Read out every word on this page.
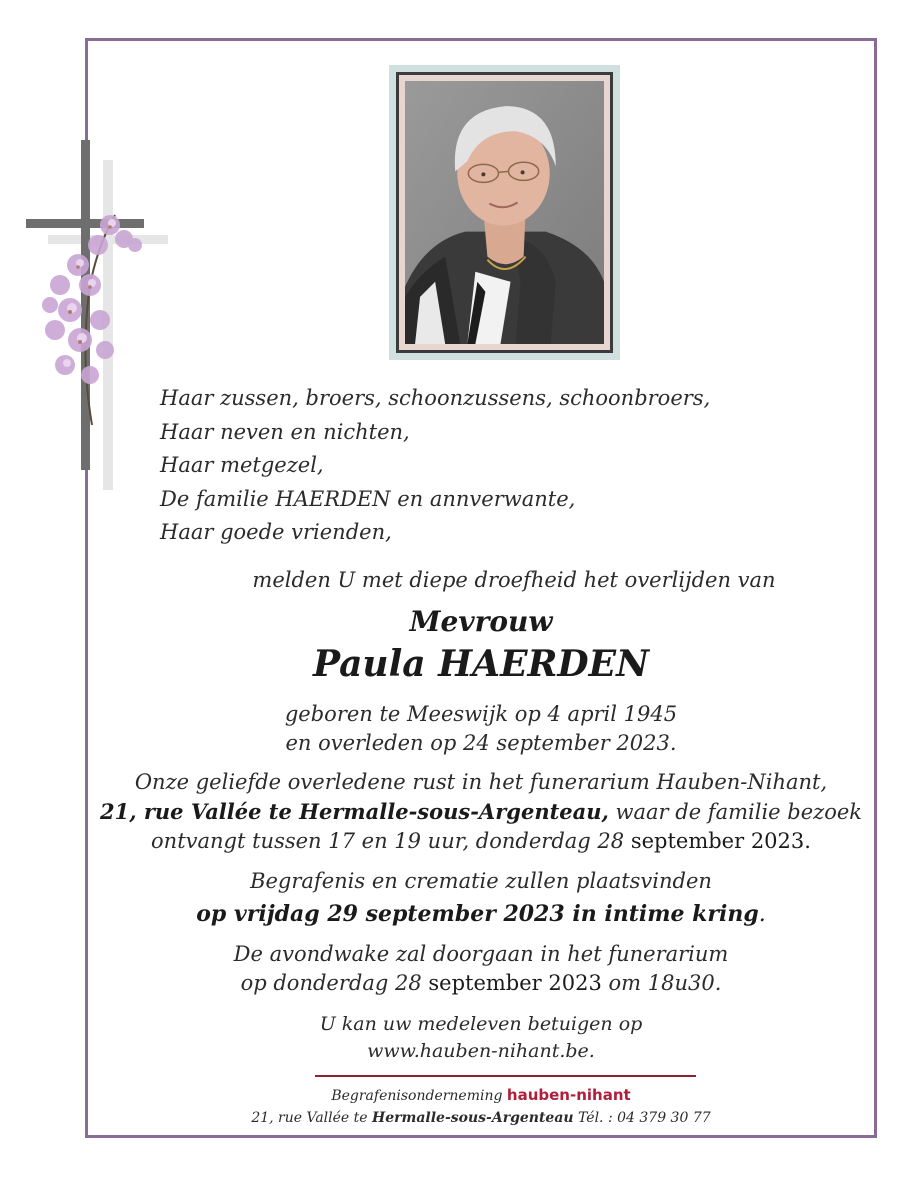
Haar zussen, broers, schoonzussens, schoonbroers,
Haar neven en nichten,
Haar metgezel,
De familie HAERDEN en annverwante,
Haar goede vrienden,
melden U met diepe droefheid het overlijden van
Mevrouw
Paula HAERDEN
geboren te Meeswijk op 4 april 1945
en overleden op 24 september 2023.
Onze geliefde overledene rust in het funerarium Hauben-Nihant,
21, rue Vallée te Hermalle-sous-Argenteau, waar de familie bezoek
ontvangt tussen 17 en 19 uur, donderdag 28 september 2023.
Begrafenis en crematie zullen plaatsvinden
op vrijdag 29 september 2023 in intime kring.
De avondwake zal doorgaan in het funerarium
op donderdag 28 september 2023 om 18u30.
U kan uw medeleven betuigen op
www.hauben-nihant.be.
Begrafenisonderneming hauben-nihant
21, rue Vallée te Hermalle-sous-Argenteau Tél. : 04 379 30 77
